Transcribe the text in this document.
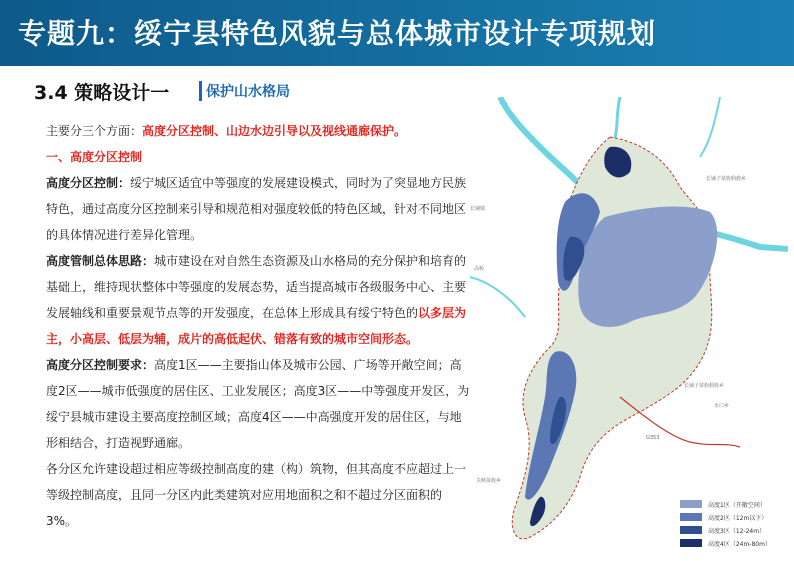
专题九：绥宁县特色风貌与总体城市设计专项规划
3.4 策略设计一	保护山水格局

主要分三个方面：高度分区控制、山边水边引导以及视线通廊保护。

一、高度分区控制

高度分区控制：绥宁城区适宜中等强度的发展建设模式，同时为了突显地方民族特色，通过高度分区控制来引导和规范相对强度较低的特色区域，针对不同地区的具体情况进行差异化管理。

高度管制总体思路：城市建设在对自然生态资源及山水格局的充分保护和培育的基础上，维持现状整体中等强度的发展态势，适当提高城市各级服务中心、主要发展轴线和重要景观节点等的开发强度，在总体上形成具有绥宁特色的以多层为主，小高层、低层为辅，成片的高低起伏、错落有致的城市空间形态。

高度分区控制要求：高度1区——主要指山体及城市公园、广场等开敞空间；高度2区——城市低强度的居住区、工业发展区；高度3区——中等强度开发区，为绥宁县城市建设主要高度控制区域；高度4区——中高强度开发的居住区，与地形相结合，打造视野通廊。

各分区允许建设超过相应等级控制高度的建（构）筑物，但其高度不应超过上一等级控制高度，且同一分区内此类建筑对应用地面积之和不超过分区面积的3%。

长铺子苗族侗族乡
长铺镇
长铺子苗族侗族乡
水口乡
高桥
关峡苗族乡
G353
高度1区（开敞空间）
高度2区（12m以下）
高度3区（12-24m）
高度4区（24m-80m）
